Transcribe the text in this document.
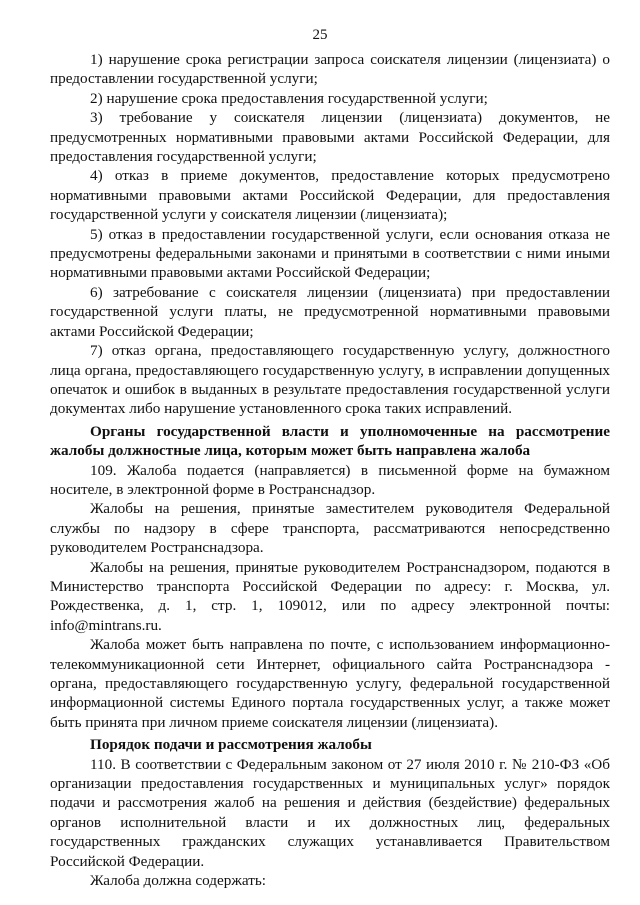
25

1) нарушение срока регистрации запроса соискателя лицензии (лицензиата) о предоставлении государственной услуги;

2) нарушение срока предоставления государственной услуги;

3) требование у соискателя лицензии (лицензиата) документов, не предусмотренных нормативными правовыми актами Российской Федерации, для предоставления государственной услуги;

4) отказ в приеме документов, предоставление которых предусмотрено нормативными правовыми актами Российской Федерации, для предоставления государственной услуги у соискателя лицензии (лицензиата);

5) отказ в предоставлении государственной услуги, если основания отказа не предусмотрены федеральными законами и принятыми в соответствии с ними иными нормативными правовыми актами Российской Федерации;

6) затребование с соискателя лицензии (лицензиата) при предоставлении государственной услуги платы, не предусмотренной нормативными правовыми актами Российской Федерации;

7) отказ органа, предоставляющего государственную услугу, должностного лица органа, предоставляющего государственную услугу, в исправлении допущенных опечаток и ошибок в выданных в результате предоставления государственной услуги документах либо нарушение установленного срока таких исправлений.

Органы государственной власти и уполномоченные на рассмотрение жалобы должностные лица, которым может быть направлена жалоба

109. Жалоба подается (направляется) в письменной форме на бумажном носителе, в электронной форме в Ространснадзор.

Жалобы на решения, принятые заместителем руководителя Федеральной службы по надзору в сфере транспорта, рассматриваются непосредственно руководителем Ространснадзора.

Жалобы на решения, принятые руководителем Ространснадзором, подаются в Министерство транспорта Российской Федерации по адресу: г. Москва, ул. Рождественка, д. 1, стр. 1, 109012, или по адресу электронной почты: info@mintrans.ru.

Жалоба может быть направлена по почте, с использованием информационно-телекоммуникационной сети Интернет, официального сайта Ространснадзора - органа, предоставляющего государственную услугу, федеральной государственной информационной системы Единого портала государственных услуг, а также может быть принята при личном приеме соискателя лицензии (лицензиата).

Порядок подачи и рассмотрения жалобы

110. В соответствии с Федеральным законом от 27 июля 2010 г. № 210-ФЗ «Об организации предоставления государственных и муниципальных услуг» порядок подачи и рассмотрения жалоб на решения и действия (бездействие) федеральных органов исполнительной власти и их должностных лиц, федеральных государственных гражданских служащих устанавливается Правительством Российской Федерации.

Жалоба должна содержать:
